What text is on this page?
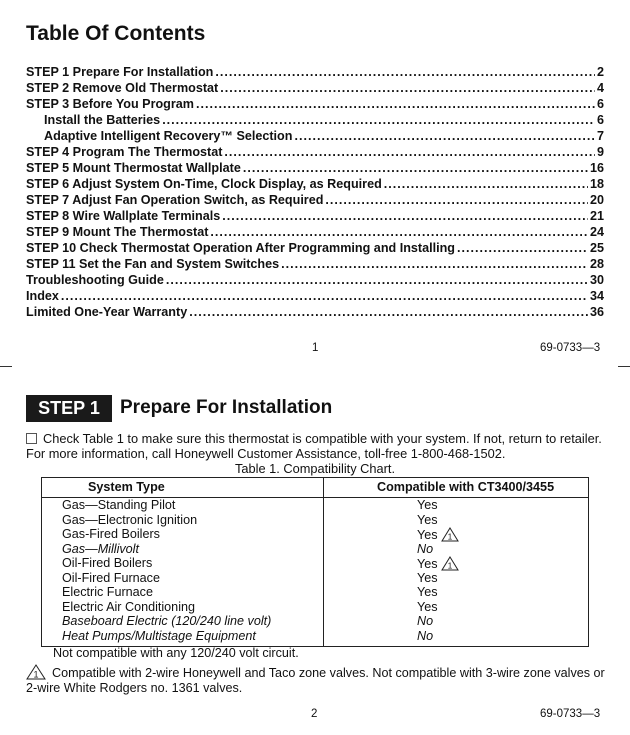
Table Of Contents
STEP 1 Prepare For Installation .....	2
STEP 2 Remove Old Thermostat .....	4
STEP 3 Before You Program .....	6
Install the Batteries .....	6
Adaptive Intelligent Recovery™ Selection .....	7
STEP 4 Program The Thermostat .....	9
STEP 5 Mount Thermostat Wallplate .....	16
STEP 6 Adjust System On-Time, Clock Display, as Required .....	18
STEP 7 Adjust Fan Operation Switch, as Required .....	20
STEP 8 Wire Wallplate Terminals .....	21
STEP 9 Mount The Thermostat .....	24
STEP 10 Check Thermostat Operation After Programming and Installing .....	25
STEP 11 Set the Fan and System Switches .....	28
Troubleshooting Guide .....	30
Index .....	34
Limited One-Year Warranty .....	36
1	69-0733—3
STEP 1	Prepare For Installation
Check Table 1 to make sure this thermostat is compatible with your system. If not, return to retailer. For more information, call Honeywell Customer Assistance, toll-free 1-800-468-1502.
Table 1. Compatibility Chart.
System Type	Compatible with CT3400/3455
Gas—Standing Pilot	Yes
Gas—Electronic Ignition	Yes
Gas-Fired Boilers	Yes 1
Gas—Millivolt	No
Oil-Fired Boilers	Yes 1
Oil-Fired Furnace	Yes
Electric Furnace	Yes
Electric Air Conditioning	Yes
Baseboard Electric (120/240 line volt)	No
Heat Pumps/Multistage Equipment	No
Not compatible with any 120/240 volt circuit.
1 Compatible with 2-wire Honeywell and Taco zone valves. Not compatible with 3-wire zone valves or 2-wire White Rodgers no. 1361 valves.
2	69-0733—3
